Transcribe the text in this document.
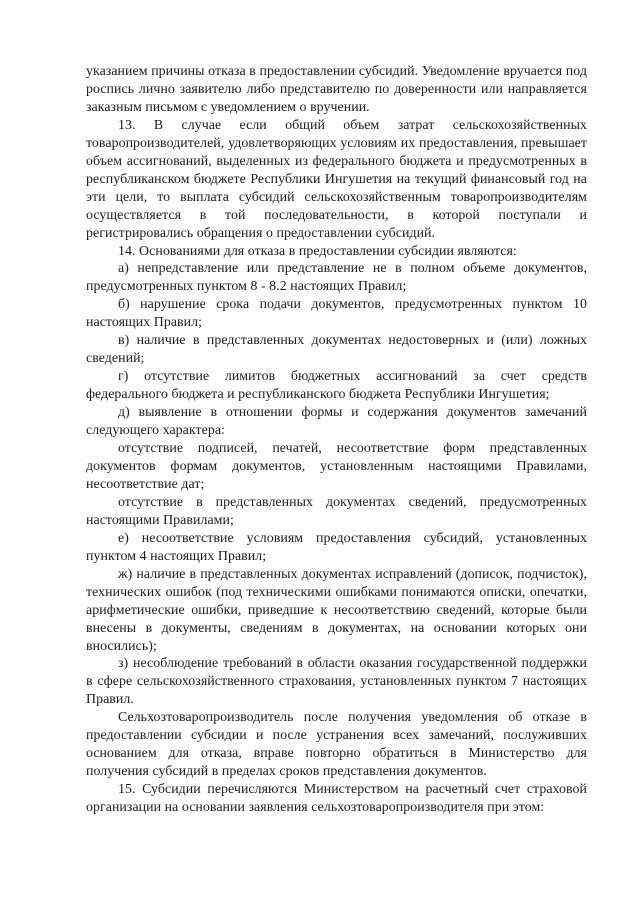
указанием причины отказа в предоставлении субсидий. Уведомление вручается под роспись лично заявителю либо представителю по доверенности или направляется заказным письмом с уведомлением о вручении.

13. В случае если общий объем затрат сельскохозяйственных товаропроизводителей, удовлетворяющих условиям их предоставления, превышает объем ассигнований, выделенных из федерального бюджета и предусмотренных в республиканском бюджете Республики Ингушетия на текущий финансовый год на эти цели, то выплата субсидий сельскохозяйственным товаропроизводителям осуществляется в той последовательности, в которой поступали и регистрировались обращения о предоставлении субсидий.

14. Основаниями для отказа в предоставлении субсидии являются:

а) непредставление или представление не в полном объеме документов, предусмотренных пунктом 8 - 8.2 настоящих Правил;

б) нарушение срока подачи документов, предусмотренных пунктом 10 настоящих Правил;

в) наличие в представленных документах недостоверных и (или) ложных сведений;

г) отсутствие лимитов бюджетных ассигнований за счет средств федерального бюджета и республиканского бюджета Республики Ингушетия;

д) выявление в отношении формы и содержания документов замечаний следующего характера:

отсутствие подписей, печатей, несоответствие форм представленных документов формам документов, установленным настоящими Правилами, несоответствие дат;

отсутствие в представленных документах сведений, предусмотренных настоящими Правилами;

е) несоответствие условиям предоставления субсидий, установленных пунктом 4 настоящих Правил;

ж) наличие в представленных документах исправлений (дописок, подчисток), технических ошибок (под техническими ошибками понимаются описки, опечатки, арифметические ошибки, приведшие к несоответствию сведений, которые были внесены в документы, сведениям в документах, на основании которых они вносились);

з) несоблюдение требований в области оказания государственной поддержки в сфере сельскохозяйственного страхования, установленных пунктом 7 настоящих Правил.

Сельхозтоваропроизводитель после получения уведомления об отказе в предоставлении субсидии и после устранения всех замечаний, послуживших основанием для отказа, вправе повторно обратиться в Министерство для получения субсидий в пределах сроков представления документов.

15. Субсидии перечисляются Министерством на расчетный счет страховой организации на основании заявления сельхозтоваропроизводителя при этом:
